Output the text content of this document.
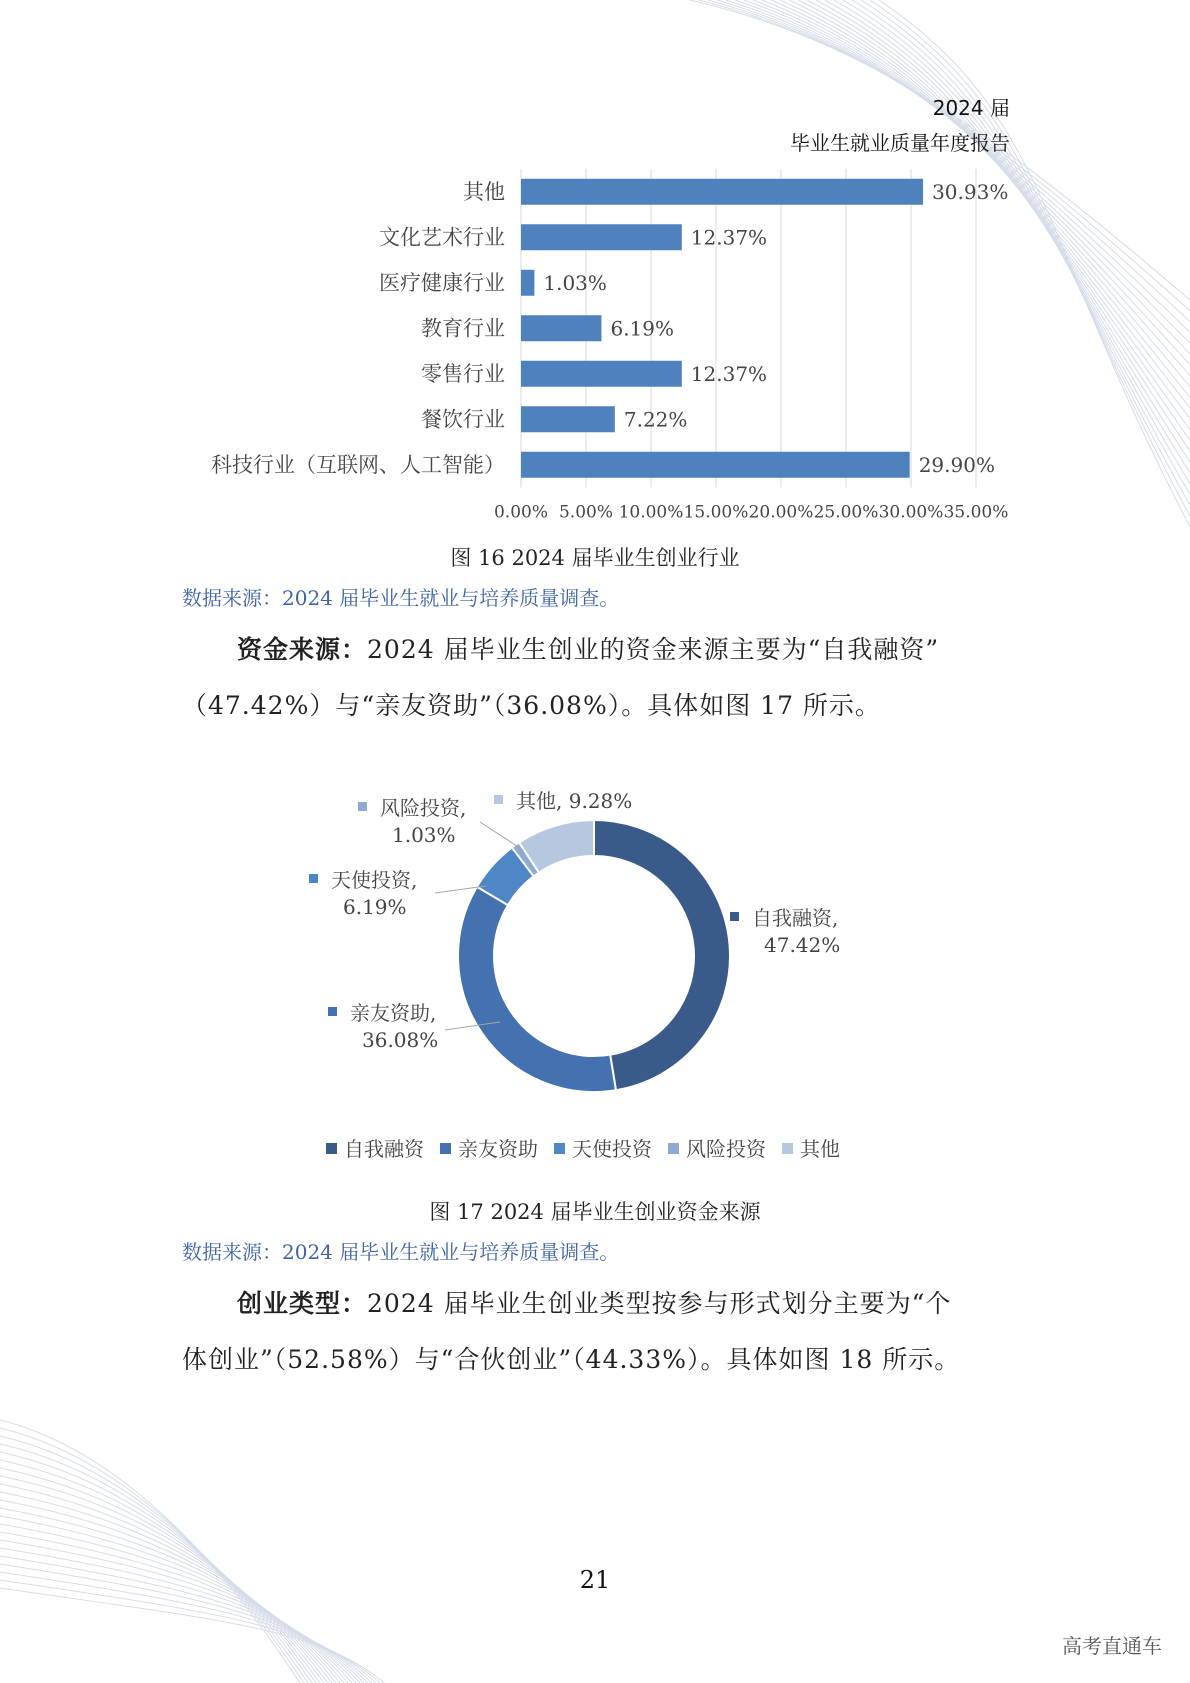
2024 届
毕业生就业质量年度报告
0.00% 5.00% 10.00% 15.00% 20.00% 25.00% 30.00% 35.00%
其他	30.93%
文化艺术行业	12.37%
医疗健康行业 1.03%
教育行业	6.19%
零售行业	12.37%
餐饮行业	7.22%
科技行业（互联网、人工智能）	29.90%
图 16 2024 届毕业生创业行业
数据来源：2024 届毕业生就业与培养质量调查。
资金来源：2024 届毕业生创业的资金来源主要为“自我融资”
（47.42%）与“亲友资助”（36.08%）。具体如图 17 所示。
自我融资,
47.42%
亲友资助,
36.08%
天使投资,
6.19%
风险投资,
1.03%
其他, 9.28%
自我融资 亲友资助 天使投资 风险投资 其他
图 17 2024 届毕业生创业资金来源
数据来源：2024 届毕业生就业与培养质量调查。
创业类型：2024 届毕业生创业类型按参与形式划分主要为“个
体创业”（52.58%）与“合伙创业”（44.33%）。具体如图 18 所示。
21
高考直通车
